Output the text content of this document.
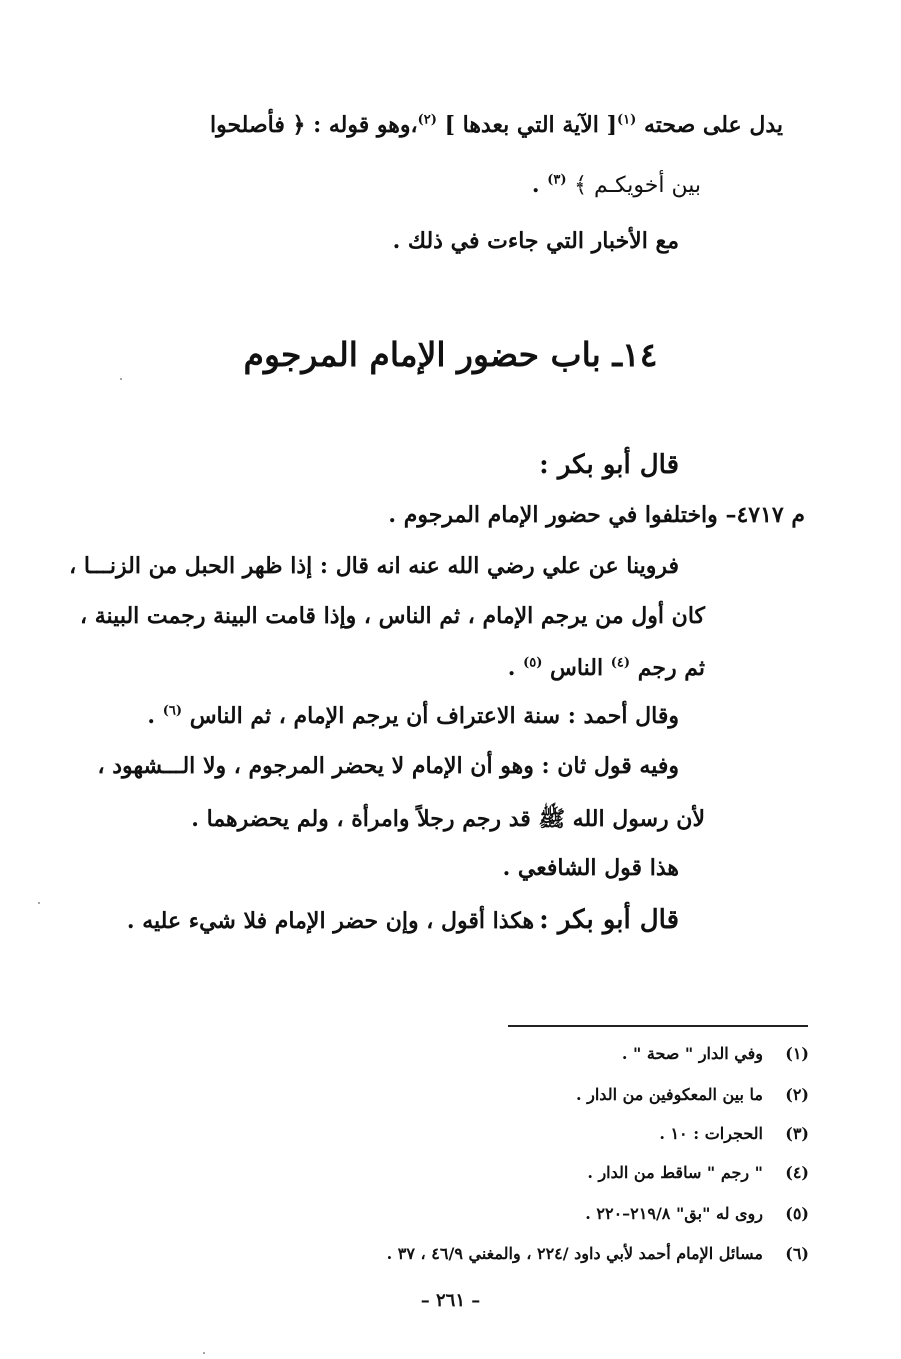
يدل على صحته $^{(١)}$[ الآية التي بعدها ] $^{(٢)}$،وهو قوله : ﴿ فأصلحوا
بين أخويكـم ﴾ $^{(٣)}$ .
مع الأخبار التي جاءت في ذلك .
١٤ـ باب حضور الإمام المرجوم
قال أبو بكر :
م ٤٧١٧– واختلفوا في حضور الإمام المرجوم .
فروينا عن علي رضي الله عنه انه قال : إذا ظهر الحبل من الزنـــا ،
كان أول من يرجم الإمام ، ثم الناس ، وإذا قامت البينة رجمت البينة ،
ثم رجم $^{(٤)}$ الناس $^{(٥)}$ .
وقال أحمد : سنة الاعتراف أن يرجم الإمام ، ثم الناس $^{(٦)}$ .
وفيه قول ثان : وهو أن الإمام لا يحضر المرجوم ، ولا الـــشهود ،
لأن رسول الله ﷺ قد رجم رجلاً وامرأة ، ولم يحضرهما .
هذا قول الشافعي .
قال أبو بكر : هكذا أقول ، وإن حضر الإمام فلا شيء عليه .
(١)وفي الدار " صحة " .
(٢)ما بين المعكوفين من الدار .
(٣)الحجرات : ١٠ .
(٤)" رجم " ساقط من الدار .
(٥)روى له "بق" ٢١٩/٨–٢٢٠ .
(٦)مسائل الإمام أحمد لأبي داود /٢٢٤ ، والمغني ٤٦/٩ ، ٣٧ .
– ٢٦١ –
